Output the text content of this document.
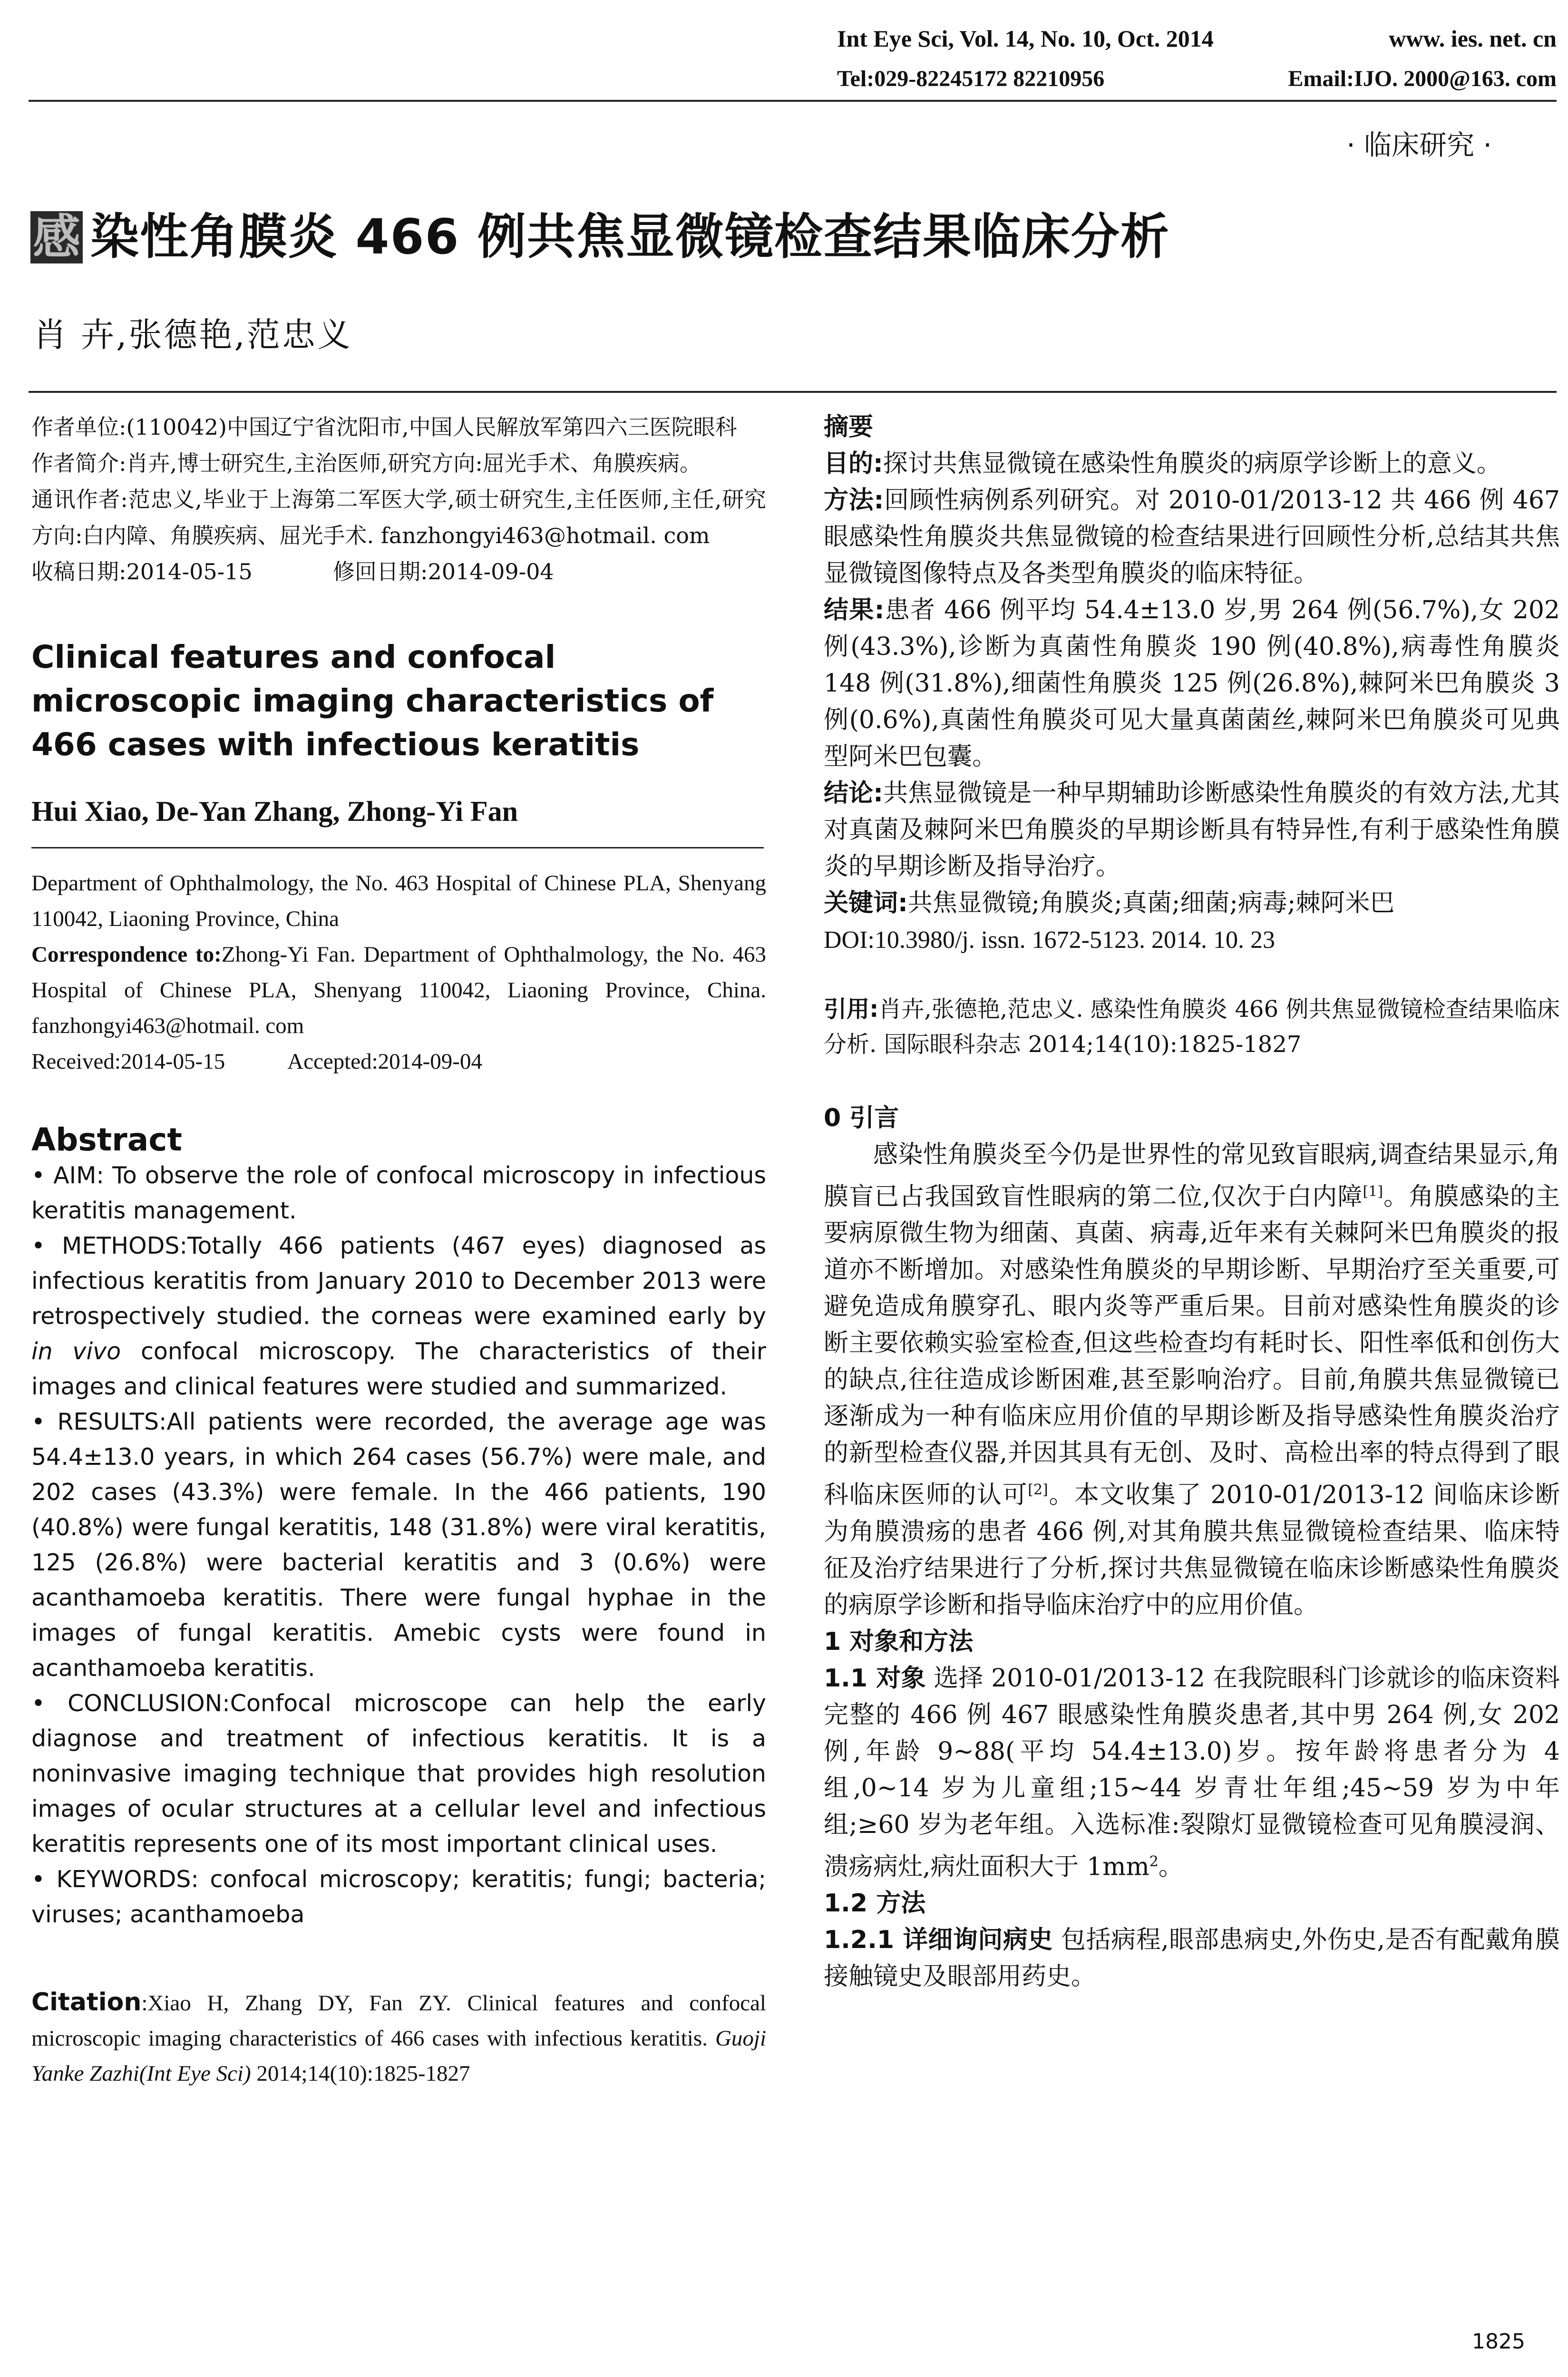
Int Eye Sci, Vol. 14, No. 10, Oct. 2014	www. ies. net. cn
Tel:029-82245172 82210956	Email:IJO. 2000@163. com
· 临床研究 ·
感 染性角膜炎 466 例共焦显微镜检查结果临床分析
肖 卉,张德艳,范忠义

作者单位:(110042)中国辽宁省沈阳市,中国人民解放军第四六三医院眼科

作者简介:肖卉,博士研究生,主治医师,研究方向:屈光手术、角膜疾病。

通讯作者:范忠义,毕业于上海第二军医大学,硕士研究生,主任医师,主任,研究方向:白内障、角膜疾病、屈光手术. fanzhongyi463@hotmail. com

收稿日期:2014-05-15	修回日期:2014-09-04

Clinical features and confocal microscopic imaging characteristics of 466 cases with infectious keratitis

Hui Xiao, De-Yan Zhang, Zhong-Yi Fan

Department of Ophthalmology, the No. 463 Hospital of Chinese PLA, Shenyang 110042, Liaoning Province, China

Correspondence to:Zhong-Yi Fan. Department of Ophthalmology, the No. 463 Hospital of Chinese PLA, Shenyang 110042, Liaoning Province, China. fanzhongyi463@hotmail. com

Received:2014-05-15	Accepted:2014-09-04

Abstract

• AIM: To observe the role of confocal microscopy in infectious keratitis management.

• METHODS:Totally 466 patients (467 eyes) diagnosed as infectious keratitis from January 2010 to December 2013 were retrospectively studied. the corneas were examined early by in vivo confocal microscopy. The characteristics of their images and clinical features were studied and summarized.

• RESULTS:All patients were recorded, the average age was 54.4±13.0 years, in which 264 cases (56.7%) were male, and 202 cases (43.3%) were female. In the 466 patients, 190 (40.8%) were fungal keratitis, 148 (31.8%) were viral keratitis, 125 (26.8%) were bacterial keratitis and 3 (0.6%) were acanthamoeba keratitis. There were fungal hyphae in the images of fungal keratitis. Amebic cysts were found in acanthamoeba keratitis.

• CONCLUSION:Confocal microscope can help the early diagnose and treatment of infectious keratitis. It is a noninvasive imaging technique that provides high resolution images of ocular structures at a cellular level and infectious keratitis represents one of its most important clinical uses.

• KEYWORDS: confocal microscopy; keratitis; fungi; bacteria; viruses; acanthamoeba

Citation:Xiao H, Zhang DY, Fan ZY. Clinical features and confocal microscopic imaging characteristics of 466 cases with infectious keratitis. Guoji Yanke Zazhi(Int Eye Sci) 2014;14(10):1825-1827

摘要

目的:探讨共焦显微镜在感染性角膜炎的病原学诊断上的意义。

方法:回顾性病例系列研究。对 2010-01/2013-12 共 466 例 467 眼感染性角膜炎共焦显微镜的检查结果进行回顾性分析,总结其共焦显微镜图像特点及各类型角膜炎的临床特征。

结果:患者 466 例平均 54.4±13.0 岁,男 264 例(56.7%),女 202 例(43.3%),诊断为真菌性角膜炎 190 例(40.8%),病毒性角膜炎 148 例(31.8%),细菌性角膜炎 125 例(26.8%),棘阿米巴角膜炎 3 例(0.6%),真菌性角膜炎可见大量真菌菌丝,棘阿米巴角膜炎可见典型阿米巴包囊。

结论:共焦显微镜是一种早期辅助诊断感染性角膜炎的有效方法,尤其对真菌及棘阿米巴角膜炎的早期诊断具有特异性,有利于感染性角膜炎的早期诊断及指导治疗。

关键词:共焦显微镜;角膜炎;真菌;细菌;病毒;棘阿米巴

DOI:10.3980/j. issn. 1672-5123. 2014. 10. 23

引用:肖卉,张德艳,范忠义. 感染性角膜炎 466 例共焦显微镜检查结果临床分析. 国际眼科杂志 2014;14(10):1825-1827

0 引言

感染性角膜炎至今仍是世界性的常见致盲眼病,调查结果显示,角膜盲已占我国致盲性眼病的第二位,仅次于白内障[1]。角膜感染的主要病原微生物为细菌、真菌、病毒,近年来有关棘阿米巴角膜炎的报道亦不断增加。对感染性角膜炎的早期诊断、早期治疗至关重要,可避免造成角膜穿孔、眼内炎等严重后果。目前对感染性角膜炎的诊断主要依赖实验室检查,但这些检查均有耗时长、阳性率低和创伤大的缺点,往往造成诊断困难,甚至影响治疗。目前,角膜共焦显微镜已逐渐成为一种有临床应用价值的早期诊断及指导感染性角膜炎治疗的新型检查仪器,并因其具有无创、及时、高检出率的特点得到了眼科临床医师的认可[2]。本文收集了 2010-01/2013-12 间临床诊断为角膜溃疡的患者 466 例,对其角膜共焦显微镜检查结果、临床特征及治疗结果进行了分析,探讨共焦显微镜在临床诊断感染性角膜炎的病原学诊断和指导临床治疗中的应用价值。

1 对象和方法

1.1 对象 选择 2010-01/2013-12 在我院眼科门诊就诊的临床资料完整的 466 例 467 眼感染性角膜炎患者,其中男 264 例,女 202 例,年龄 9~88(平均 54.4±13.0)岁。按年龄将患者分为 4 组,0~14 岁为儿童组;15~44 岁青壮年组;45~59 岁为中年组;≥60 岁为老年组。入选标准:裂隙灯显微镜检查可见角膜浸润、溃疡病灶,病灶面积大于 $1mm^2$。

1.2 方法

1.2.1 详细询问病史 包括病程,眼部患病史,外伤史,是否有配戴角膜接触镜史及眼部用药史。

1825
